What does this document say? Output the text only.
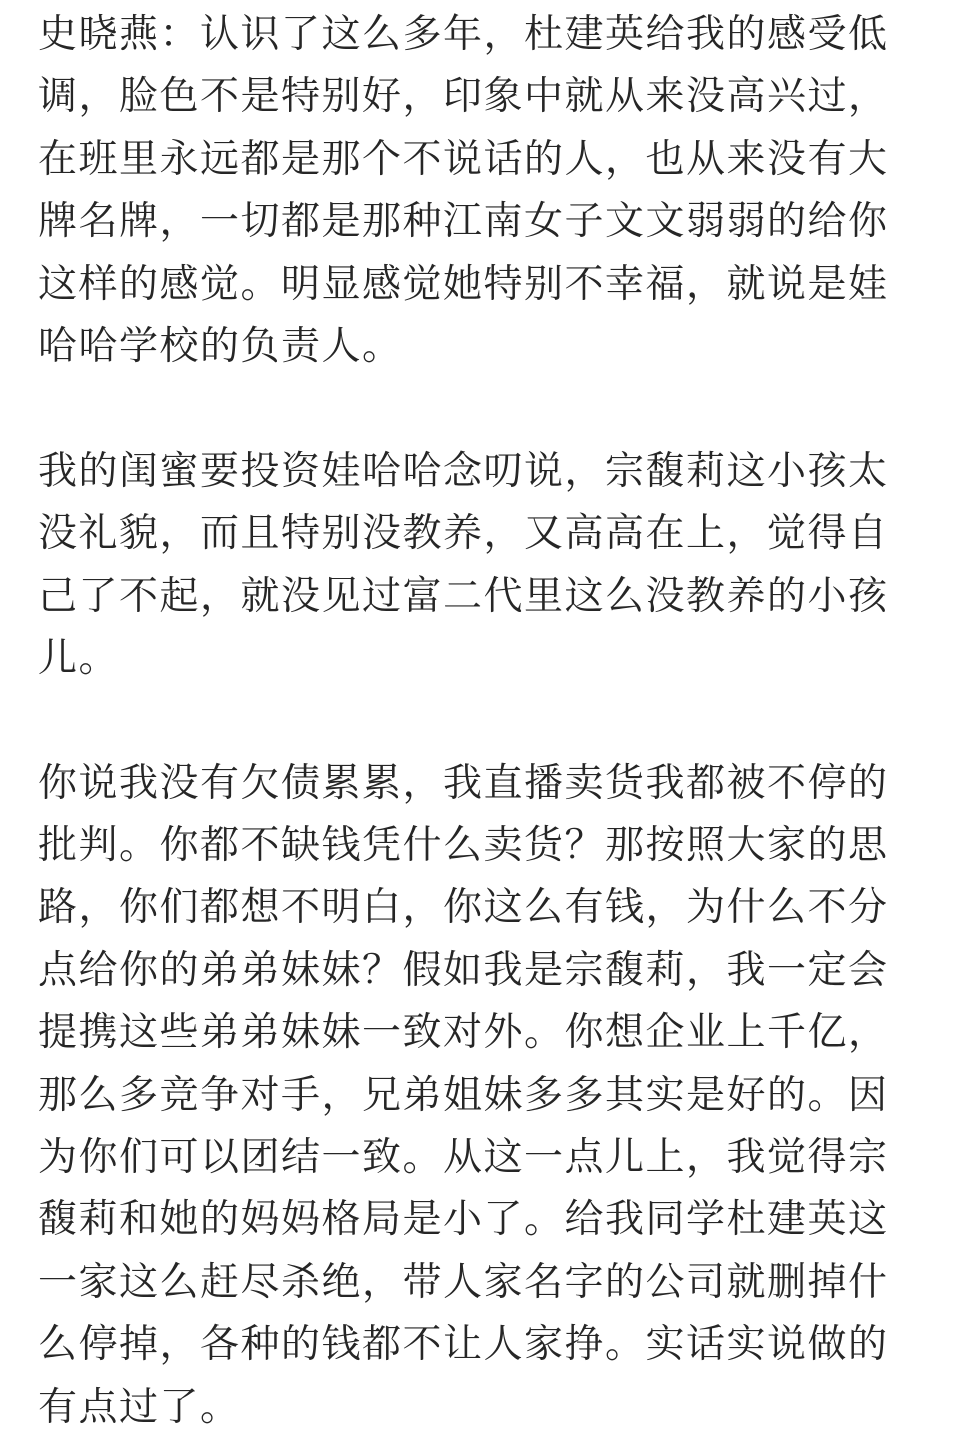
史晓燕：认识了这么多年，杜建英给我的感受低
调，脸色不是特别好，印象中就从来没高兴过，
在班里永远都是那个不说话的人，也从来没有大
牌名牌，一切都是那种江南女子文文弱弱的给你
这样的感觉。明显感觉她特别不幸福，就说是娃
哈哈学校的负责人。
我的闺蜜要投资娃哈哈念叨说，宗馥莉这小孩太
没礼貌，而且特别没教养，又高高在上，觉得自
己了不起，就没见过富二代里这么没教养的小孩
儿。
你说我没有欠债累累，我直播卖货我都被不停的
批判。你都不缺钱凭什么卖货？那按照大家的思
路，你们都想不明白，你这么有钱，为什么不分
点给你的弟弟妹妹？假如我是宗馥莉，我一定会
提携这些弟弟妹妹一致对外。你想企业上千亿，
那么多竞争对手，兄弟姐妹多多其实是好的。因
为你们可以团结一致。从这一点儿上，我觉得宗
馥莉和她的妈妈格局是小了。给我同学杜建英这
一家这么赶尽杀绝，带人家名字的公司就删掉什
么停掉，各种的钱都不让人家挣。实话实说做的
有点过了。
